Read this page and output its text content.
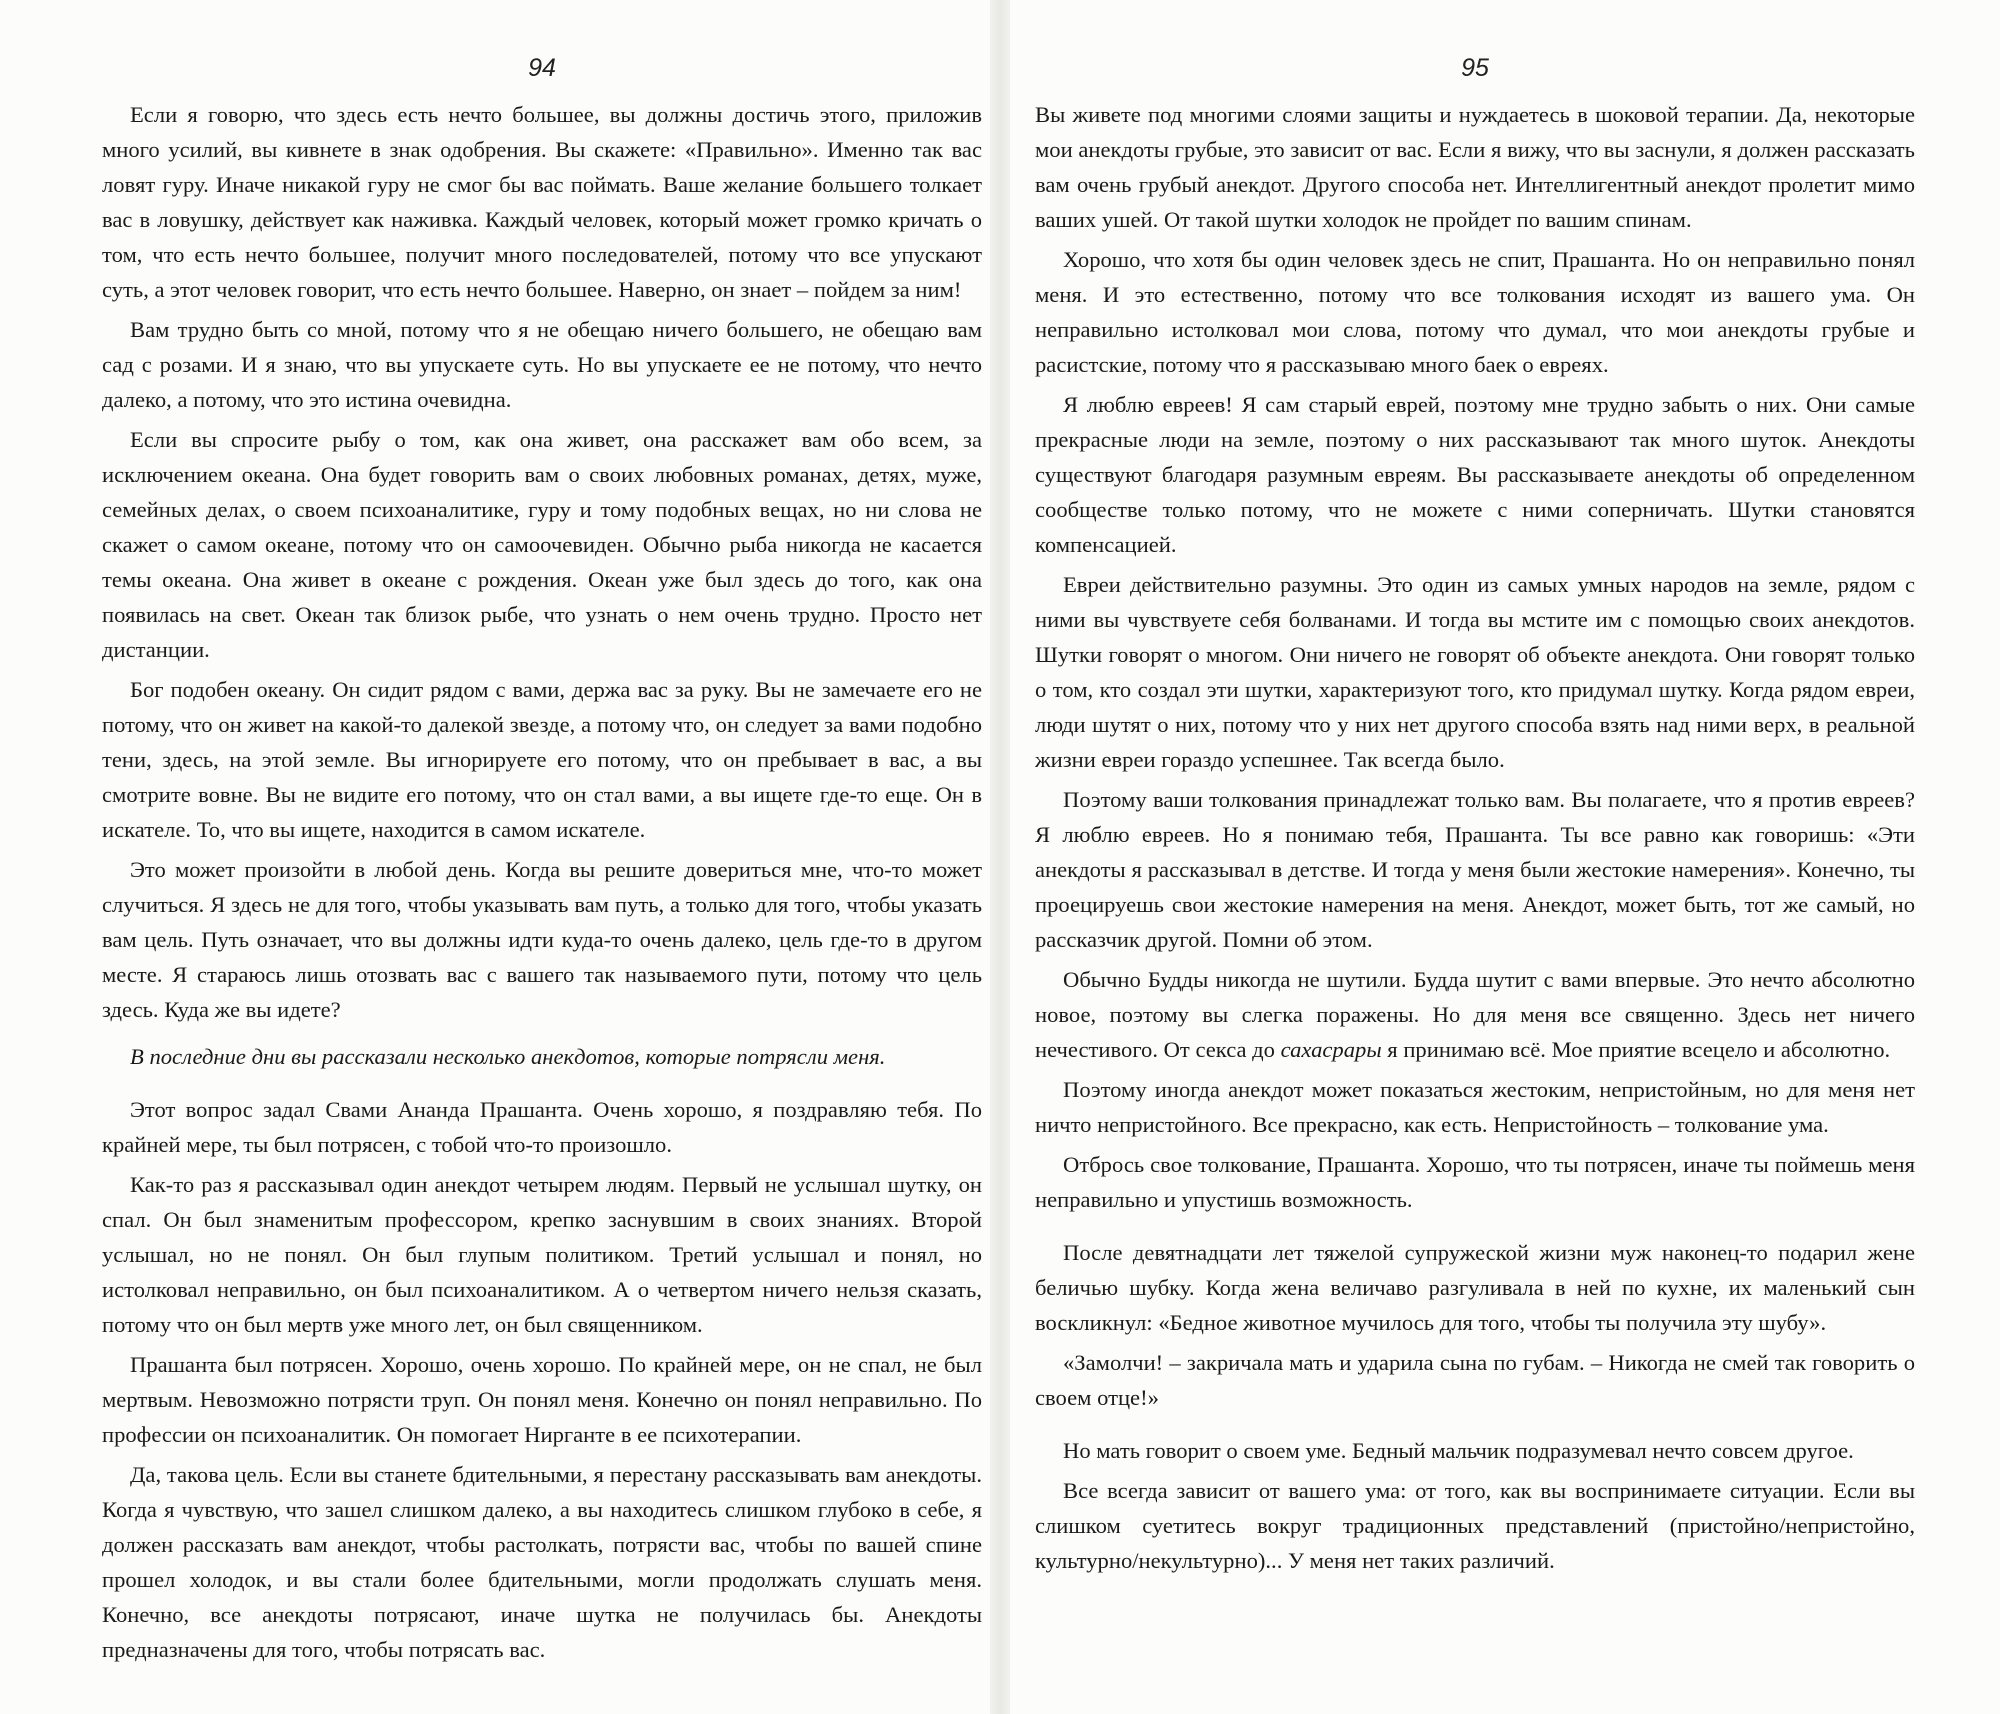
94

Если я говорю, что здесь есть нечто большее, вы должны достичь этого, приложив много усилий, вы кивнете в знак одобрения. Вы скажете: «Правильно». Именно так вас ловят гуру. Иначе никакой гуру не смог бы вас поймать. Ваше желание большего толкает вас в ловушку, действует как наживка. Каждый человек, который может громко кричать о том, что есть нечто большее, получит много последователей, потому что все упускают суть, а этот человек говорит, что есть нечто большее. Наверно, он знает – пойдем за ним!

Вам трудно быть со мной, потому что я не обещаю ничего большего, не обещаю вам сад с розами. И я знаю, что вы упускаете суть. Но вы упускаете ее не потому, что нечто далеко, а потому, что это истина очевидна.

Если вы спросите рыбу о том, как она живет, она расскажет вам обо всем, за исключением океана. Она будет говорить вам о своих любовных романах, детях, муже, семейных делах, о своем психоаналитике, гуру и тому подобных вещах, но ни слова не скажет о самом океане, потому что он самоочевиден. Обычно рыба никогда не касается темы океана. Она живет в океане с рождения. Океан уже был здесь до того, как она появилась на свет. Океан так близок рыбе, что узнать о нем очень трудно. Просто нет дистанции.

Бог подобен океану. Он сидит рядом с вами, держа вас за руку. Вы не замечаете его не потому, что он живет на какой-то далекой звезде, а потому что, он следует за вами подобно тени, здесь, на этой земле. Вы игнорируете его потому, что он пребывает в вас, а вы смотрите вовне. Вы не видите его потому, что он стал вами, а вы ищете где-то еще. Он в искателе. То, что вы ищете, находится в самом искателе.

Это может произойти в любой день. Когда вы решите довериться мне, что-то может случиться. Я здесь не для того, чтобы указывать вам путь, а только для того, чтобы указать вам цель. Путь означает, что вы должны идти куда-то очень далеко, цель где-то в другом месте. Я стараюсь лишь отозвать вас с вашего так называемого пути, потому что цель здесь. Куда же вы идете?

В последние дни вы рассказали несколько анекдотов, которые потрясли меня.

Этот вопрос задал Свами Ананда Прашанта. Очень хорошо, я поздравляю тебя. По крайней мере, ты был потрясен, с тобой что-то произошло.

Как-то раз я рассказывал один анекдот четырем людям. Первый не услышал шутку, он спал. Он был знаменитым профессором, крепко заснувшим в своих знаниях. Второй услышал, но не понял. Он был глупым политиком. Третий услышал и понял, но истолковал неправильно, он был психоаналитиком. А о четвертом ничего нельзя сказать, потому что он был мертв уже много лет, он был священником.

Прашанта был потрясен. Хорошо, очень хорошо. По крайней мере, он не спал, не был мертвым. Невозможно потрясти труп. Он понял меня. Конечно он понял неправильно. По профессии он психоаналитик. Он помогает Нирганте в ее психотерапии.

Да, такова цель. Если вы станете бдительными, я перестану рассказывать вам анекдоты. Когда я чувствую, что зашел слишком далеко, а вы находитесь слишком глубоко в себе, я должен рассказать вам анекдот, чтобы растолкать, потрясти вас, чтобы по вашей спине прошел холодок, и вы стали более бдительными, могли продолжать слушать меня. Конечно, все анекдоты потрясают, иначе шутка не получилась бы. Анекдоты предназначены для того, чтобы потрясать вас.

95

Вы живете под многими слоями защиты и нуждаетесь в шоковой терапии. Да, некоторые мои анекдоты грубые, это зависит от вас. Если я вижу, что вы заснули, я должен рассказать вам очень грубый анекдот. Другого способа нет. Интеллигентный анекдот пролетит мимо ваших ушей. От такой шутки холодок не пройдет по вашим спинам.

Хорошо, что хотя бы один человек здесь не спит, Прашанта. Но он неправильно понял меня. И это естественно, потому что все толкования исходят из вашего ума. Он неправильно истолковал мои слова, потому что думал, что мои анекдоты грубые и расистские, потому что я рассказываю много баек о евреях.

Я люблю евреев! Я сам старый еврей, поэтому мне трудно забыть о них. Они самые прекрасные люди на земле, поэтому о них рассказывают так много шуток. Анекдоты существуют благодаря разумным евреям. Вы рассказываете анекдоты об определенном сообществе только потому, что не можете с ними соперничать. Шутки становятся компенсацией.

Евреи действительно разумны. Это один из самых умных народов на земле, рядом с ними вы чувствуете себя болванами. И тогда вы мстите им с помощью своих анекдотов. Шутки говорят о многом. Они ничего не говорят об объекте анекдота. Они говорят только о том, кто создал эти шутки, характеризуют того, кто придумал шутку. Когда рядом евреи, люди шутят о них, потому что у них нет другого способа взять над ними верх, в реальной жизни евреи гораздо успешнее. Так всегда было.

Поэтому ваши толкования принадлежат только вам. Вы полагаете, что я против евреев? Я люблю евреев. Но я понимаю тебя, Прашанта. Ты все равно как говоришь: «Эти анекдоты я рассказывал в детстве. И тогда у меня были жестокие намерения». Конечно, ты проецируешь свои жестокие намерения на меня. Анекдот, может быть, тот же самый, но рассказчик другой. Помни об этом.

Обычно Будды никогда не шутили. Будда шутит с вами впервые. Это нечто абсолютно новое, поэтому вы слегка поражены. Но для меня все священно. Здесь нет ничего нечестивого. От секса до сахасрары я принимаю всё. Мое приятие всецело и абсолютно.

Поэтому иногда анекдот может показаться жестоким, непристойным, но для меня нет ничто непристойного. Все прекрасно, как есть. Непристойность – толкование ума.

Отбрось свое толкование, Прашанта. Хорошо, что ты потрясен, иначе ты поймешь меня неправильно и упустишь возможность.

После девятнадцати лет тяжелой супружеской жизни муж наконец-то подарил жене беличью шубку. Когда жена величаво разгуливала в ней по кухне, их маленький сын воскликнул: «Бедное животное мучилось для того, чтобы ты получила эту шубу».

«Замолчи! – закричала мать и ударила сына по губам. – Никогда не смей так говорить о своем отце!»

Но мать говорит о своем уме. Бедный мальчик подразумевал нечто совсем другое.

Все всегда зависит от вашего ума: от того, как вы воспринимаете ситуации. Если вы слишком суетитесь вокруг традиционных представлений (пристойно/непристойно, культурно/некультурно)... У меня нет таких различий.
